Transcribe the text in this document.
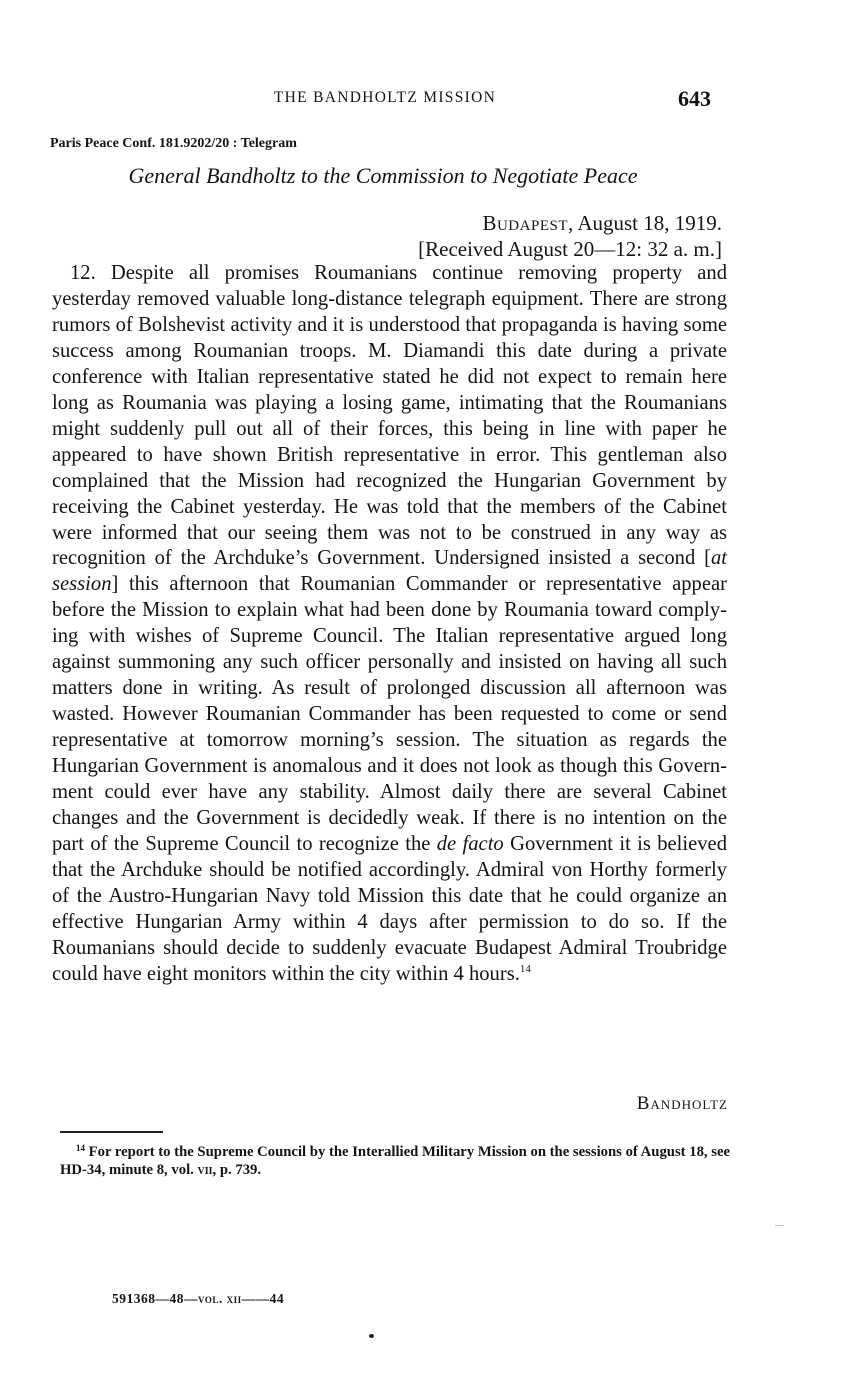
THE BANDHOLTZ MISSION	643
Paris Peace Conf. 181.9202/20 : Telegram
General Bandholtz to the Commission to Negotiate Peace
Budapest, August 18, 1919.
[Received August 20—12: 32 a. m.]

12. Despite all promises Roumanians continue removing property and yesterday removed valuable long-distance telegraph equipment. There are strong rumors of Bolshevist activity and it is understood that propaganda is having some success among Roumanian troops. M. Diamandi this date during a private conference with Italian representative stated he did not expect to remain here long as Roumania was playing a losing game, intimating that the Roumanians might suddenly pull out all of their forces, this being in line with paper he appeared to have shown British representative in error. This gentleman also complained that the Mission had recognized the Hungarian Government by receiving the Cabinet yesterday. He was told that the members of the Cabinet were informed that our seeing them was not to be construed in any way as recognition of the Archduke’s Government. Undersigned insisted a second [at session] this afternoon that Roumanian Commander or representative appear before the Mission to explain what had been done by Roumania toward complying with wishes of Supreme Council. The Italian representative argued long against summoning any such officer personally and insisted on having all such matters done in writing. As result of prolonged discussion all afternoon was wasted. However Roumanian Commander has been requested to come or send representative at tomorrow morning’s session. The situation as regards the Hungarian Government is anomalous and it does not look as though this Government could ever have any stability. Almost daily there are several Cabinet changes and the Government is decidedly weak. If there is no intention on the part of the Supreme Council to recognize the de facto Government it is believed that the Archduke should be notified accordingly. Admiral von Horthy formerly of the Austro-Hungarian Navy told Mission this date that he could organize an effective Hungarian Army within 4 days after permission to do so. If the Roumanians should decide to suddenly evacuate Budapest Admiral Troubridge could have eight monitors within the city within 4 hours.$^{14}$

Bandholtz
$^{14}$ For report to the Supreme Council by the Interallied Military Mission on the sessions of August 18, see HD-34, minute 8, vol. vii, p. 739.
591368—48—vol. xii——44
